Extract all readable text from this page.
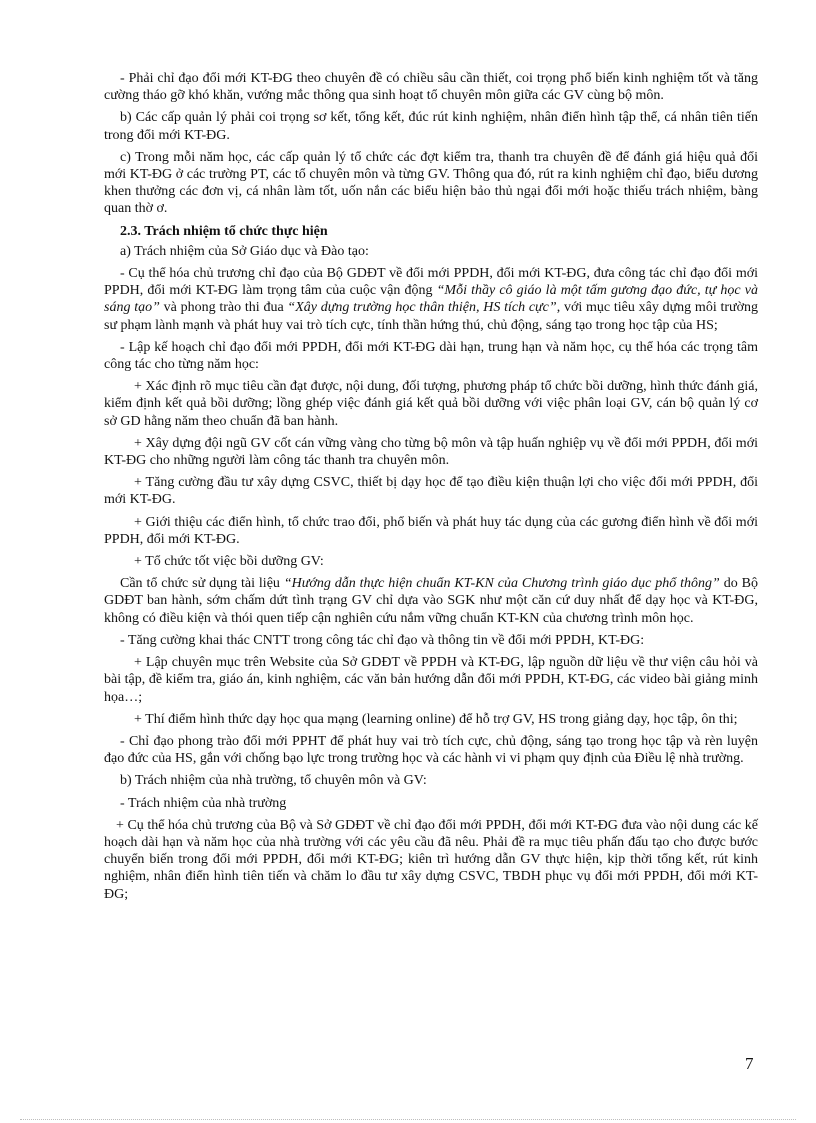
- Phải chỉ đạo đổi mới KT-ĐG theo chuyên đề có chiều sâu cần thiết, coi trọng phổ biến kinh nghiệm tốt và tăng cường tháo gỡ khó khăn, vướng mắc thông qua sinh hoạt tổ chuyên môn giữa các GV cùng bộ môn.

b) Các cấp quản lý phải coi trọng sơ kết, tổng kết, đúc rút kinh nghiệm, nhân điển hình tập thể, cá nhân tiên tiến trong đổi mới KT-ĐG.

c) Trong mỗi năm học, các cấp quản lý tổ chức các đợt kiểm tra, thanh tra chuyên đề để đánh giá hiệu quả đổi mới KT-ĐG ở các trường PT, các tổ chuyên môn và từng GV. Thông qua đó, rút ra kinh nghiệm chỉ đạo, biểu dương khen thưởng các đơn vị, cá nhân làm tốt, uốn nắn các biểu hiện bảo thủ ngại đổi mới hoặc thiếu trách nhiệm, bàng quan thờ ơ.

2.3. Trách nhiệm tổ chức thực hiện

a) Trách nhiệm của Sở Giáo dục và Đào tạo:

- Cụ thể hóa chủ trương chỉ đạo của Bộ GDĐT về đổi mới PPDH, đổi mới KT-ĐG, đưa công tác chỉ đạo đổi mới PPDH, đổi mới KT-ĐG làm trọng tâm của cuộc vận động “Mỗi thầy cô giáo là một tấm gương đạo đức, tự học và sáng tạo” và phong trào thi đua “Xây dựng trường học thân thiện, HS tích cực”, với mục tiêu xây dựng môi trường sư phạm lành mạnh và phát huy vai trò tích cực, tính thần hứng thú, chủ động, sáng tạo trong học tập của HS;

- Lập kế hoạch chỉ đạo đổi mới PPDH, đổi mới KT-ĐG dài hạn, trung hạn và năm học, cụ thể hóa các trọng tâm công tác cho từng năm học:

+ Xác định rõ mục tiêu cần đạt được, nội dung, đối tượng, phương pháp tổ chức bồi dưỡng, hình thức đánh giá, kiểm định kết quả bồi dưỡng; lồng ghép việc đánh giá kết quả bồi dưỡng với việc phân loại GV, cán bộ quản lý cơ sở GD hằng năm theo chuẩn đã ban hành.

+ Xây dựng đội ngũ GV cốt cán vững vàng cho từng bộ môn và tập huấn nghiệp vụ về đổi mới PPDH, đổi mới KT-ĐG cho những người làm công tác thanh tra chuyên môn.

+ Tăng cường đầu tư xây dựng CSVC, thiết bị dạy học để tạo điều kiện thuận lợi cho việc đổi mới PPDH, đổi mới KT-ĐG.

+ Giới thiệu các điển hình, tổ chức trao đổi, phổ biến và phát huy tác dụng của các gương điển hình về đổi mới PPDH, đổi mới KT-ĐG.

+ Tổ chức tốt việc bồi dưỡng GV:

Cần tổ chức sử dụng tài liệu “Hướng dẫn thực hiện chuẩn KT-KN của Chương trình giáo dục phổ thông” do Bộ GDĐT ban hành, sớm chấm dứt tình trạng GV chỉ dựa vào SGK như một căn cứ duy nhất để dạy học và KT-ĐG, không có điều kiện và thói quen tiếp cận nghiên cứu nắm vững chuẩn KT-KN của chương trình môn học.

- Tăng cường khai thác CNTT trong công tác chỉ đạo và thông tin về đổi mới PPDH, KT-ĐG:

+ Lập chuyên mục trên Website của Sở GDĐT về PPDH và KT-ĐG, lập nguồn dữ liệu về thư viện câu hỏi và bài tập, đề kiểm tra, giáo án, kinh nghiệm, các văn bản hướng dẫn đổi mới PPDH, KT-ĐG, các video bài giảng minh họa…;

+ Thí điểm hình thức dạy học qua mạng (learning online) để hỗ trợ GV, HS trong giảng dạy, học tập, ôn thi;

- Chỉ đạo phong trào đổi mới PPHT để phát huy vai trò tích cực, chủ động, sáng tạo trong học tập và rèn luyện đạo đức của HS, gắn với chống bạo lực trong trường học và các hành vi vi phạm quy định của Điều lệ nhà trường.

b) Trách nhiệm của nhà trường, tổ chuyên môn và GV:

- Trách nhiệm của nhà trường

+ Cụ thể hóa chủ trương của Bộ và Sở GDĐT về chỉ đạo đổi mới PPDH, đổi mới KT-ĐG đưa vào nội dung các kế hoạch dài hạn và năm học của nhà trường với các yêu cầu đã nêu. Phải đề ra mục tiêu phấn đấu tạo cho được bước chuyển biến trong đổi mới PPDH, đổi mới KT-ĐG; kiên trì hướng dẫn GV thực hiện, kịp thời tổng kết, rút kinh nghiệm, nhân điển hình tiên tiến và chăm lo đầu tư xây dựng CSVC, TBDH phục vụ đổi mới PPDH, đổi mới KT-ĐG;

7
